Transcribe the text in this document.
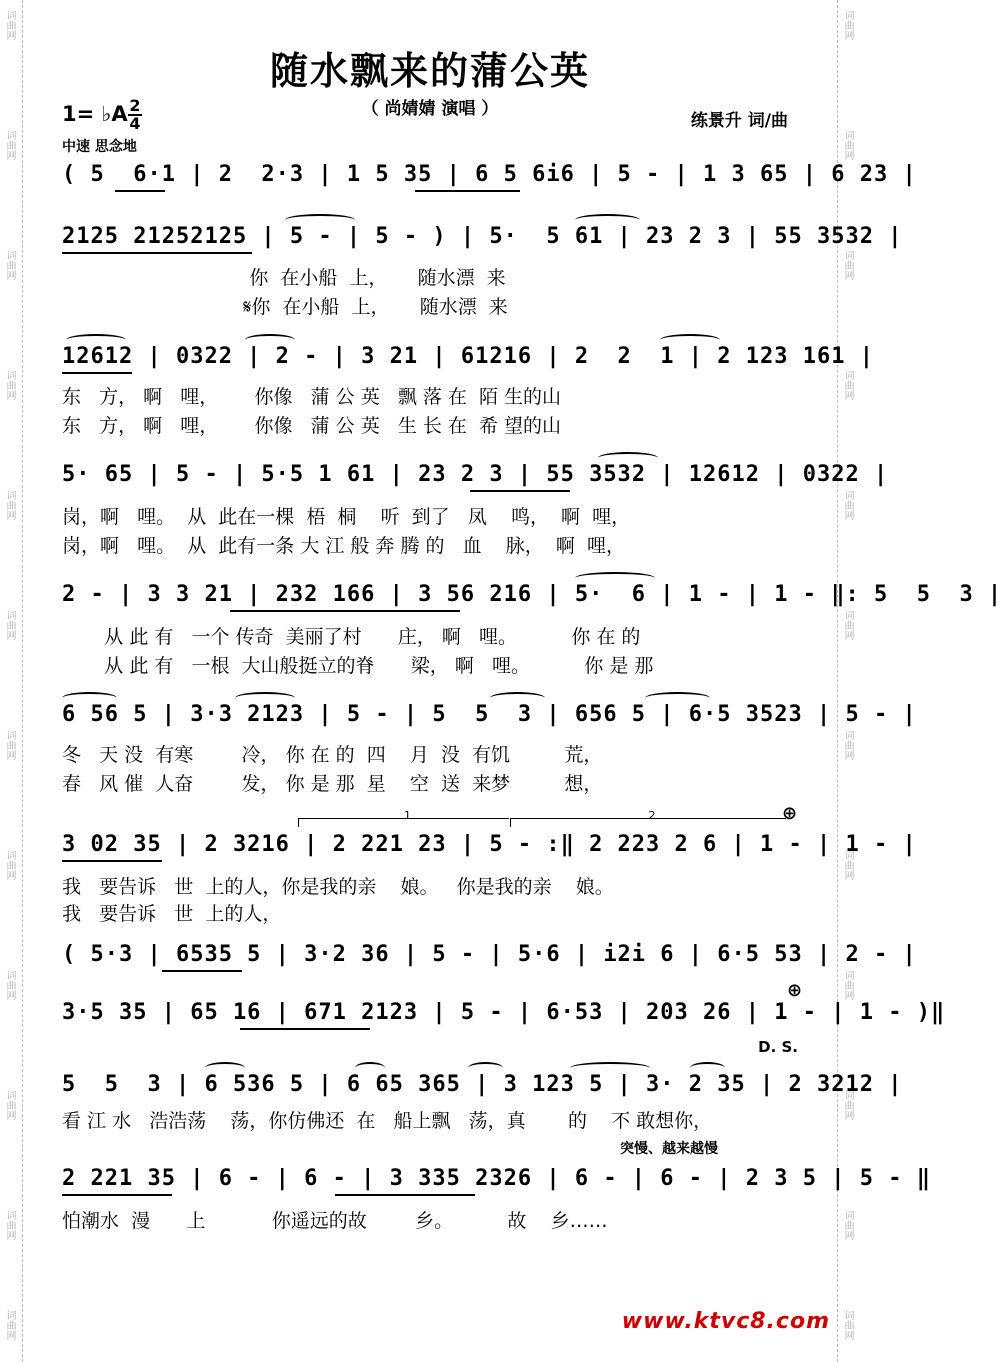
词曲网
词曲网
词曲网
词曲网
词曲网
词曲网
词曲网
词曲网
词曲网
词曲网
词曲网
词曲网
词曲网
词曲网
词曲网
词曲网
词曲网
词曲网
词曲网
词曲网
词曲网
词曲网
词曲网
词曲网
随水飘来的蒲公英
（ 尚婧婧 演唱 ）
1= ♭A 2
4
中速 思念地
练景升 词/曲
( 5  6·1 | 2  2·3 | 1 5 35 | 6 5 6i6 | 5 - | 1 3 65 | 6 23 |
2125 21252125 | 5 - | 5 - ) | 5·  5 61 | 23 2 3 | 55 3532 |
你  在小船  上，     随水漂  来
𝄋你  在小船  上，     随水漂  来
12612 | 0322 | 2 - | 3 21 | 61216 | 2  2  1 | 2 123 161 |
东   方， 啊   哩，      你像   蒲 公 英   飘 落 在  陌 生的山
东   方， 啊   哩，      你像   蒲 公 英   生 长 在  希 望的山
5· 65 | 5 - | 5·5 1 61 | 23 2 3 | 55 3532 | 12612 | 0322 |
岗，啊   哩。  从  此在一棵  梧  桐    听  到了   凤    鸣，  啊  哩，
岗，啊   哩。  从  此有一条 大 江 般 奔 腾 的   血    脉，  啊  哩，
2 - | 3 3 21 | 232 166 | 3 56 216 | 5·  6 | 1 - | 1 - ‖: 5  5  3 |
从 此 有   一个 传奇  美丽了村      庄， 啊   哩。         你 在 的
从 此 有   一根  大山般挺立的脊      梁， 啊   哩。         你 是 那
6 56 5 | 3·3 2123 | 5 - | 5  5  3 | 656 5 | 6·5 3523 | 5 - |
冬   天 没  有寒        冷， 你 在 的  四    月  没  有饥         荒，
春   风 催  人奋        发， 你 是 那  星    空  送  来梦         想，
1	2	⊕
3 02 35 | 2 3216 | 2 221 23 | 5 - :‖ 2 223 2 6 | 1 - | 1 - |
我   要告诉   世  上的人，你是我的亲    娘。   你是我的亲    娘。
我   要告诉   世  上的人，
( 5·3 | 6535 5 | 3·2 36 | 5 - | 5·6 | i2i 6 | 6·5 53 | 2 - |
⊕
3·5 35 | 65 16 | 671 2123 | 5 - | 6·53 | 203 26 | 1 - | 1 - )‖
D. S.
5  5  3 | 6 536 5 | 6 65 365 | 3 123 5 | 3· 2 35 | 2 3212 |
看 江 水   浩浩荡    荡，你仿佛还  在   船上飘   荡，真       的    不 敢想你，
突慢、越来越慢
2 221 35 | 6 - | 6 - | 3 335 2326 | 6 - | 6 - | 2 3 5 | 5 - ‖
怕潮水  漫      上           你遥远的故        乡。         故    乡……
www.ktvc8.com
